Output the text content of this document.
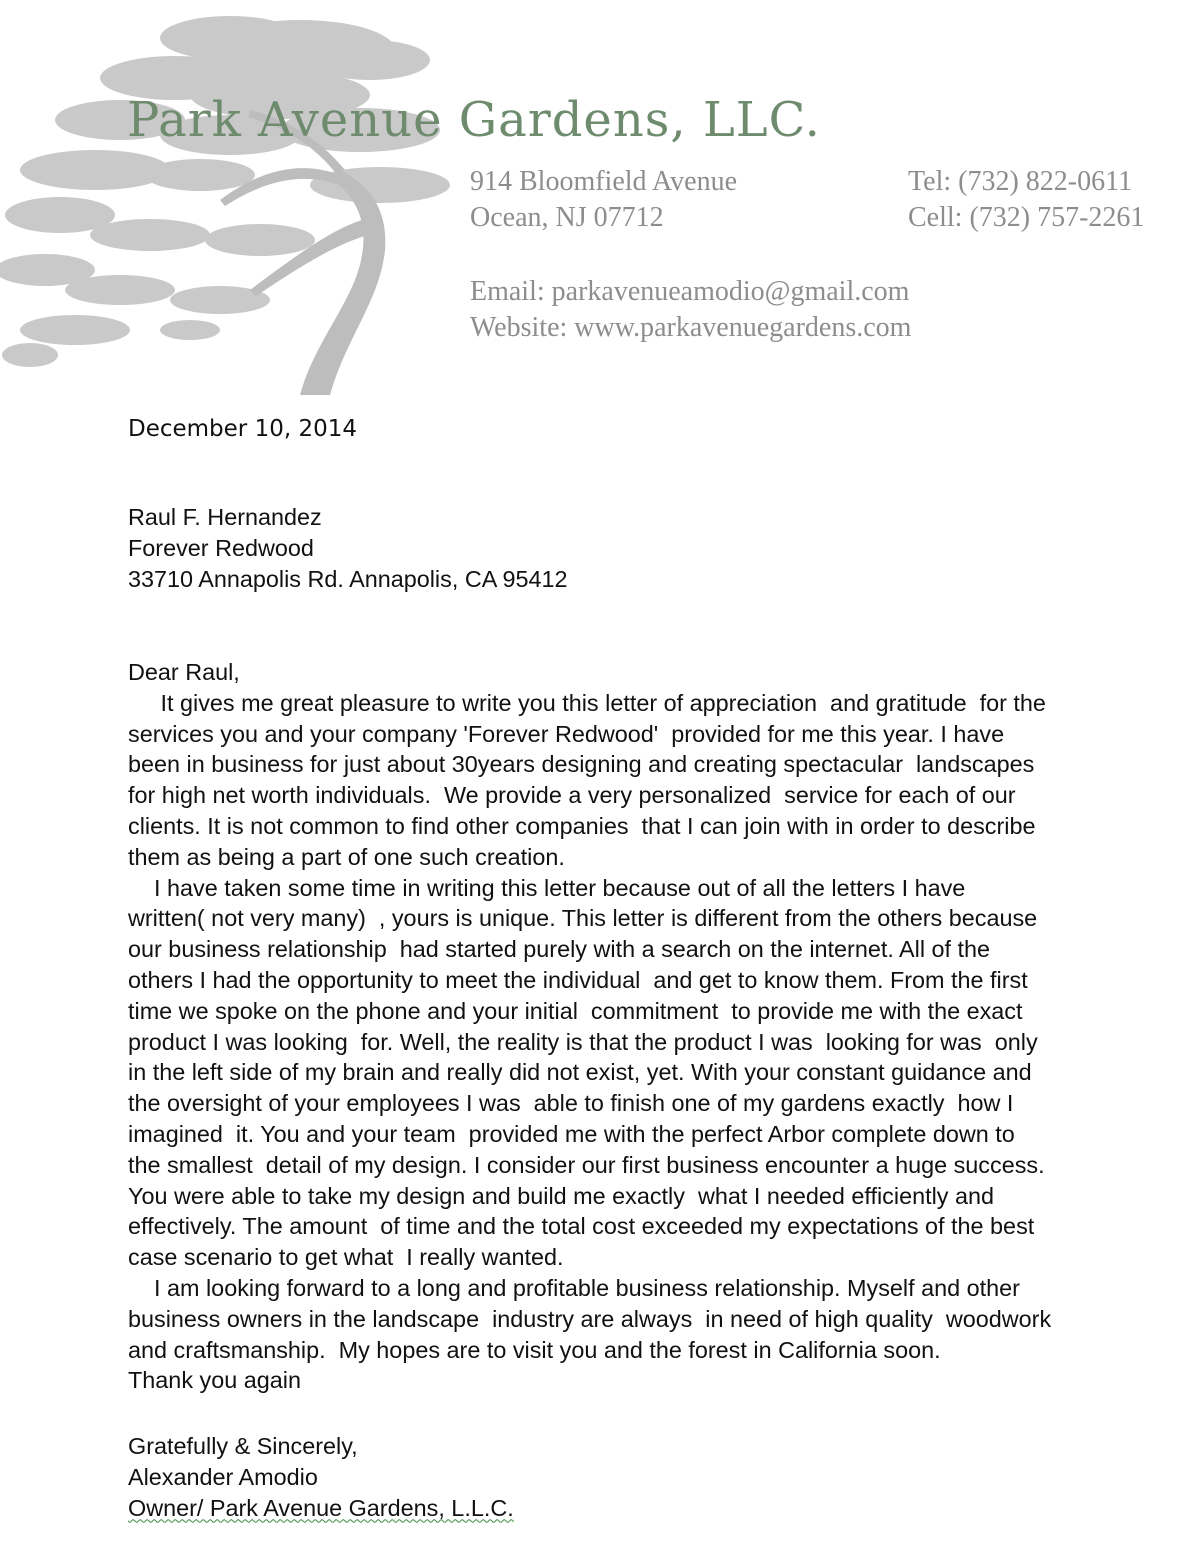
Park Avenue Gardens, LLC.
914 Bloomfield Avenue
Ocean, NJ 07712
Tel: (732) 822-0611
Cell: (732) 757-2261
Email: parkavenueamodio@gmail.com
Website: www.parkavenuegardens.com
December 10, 2014
Raul F. Hernandez
Forever Redwood
33710 Annapolis Rd. Annapolis, CA 95412
Dear Raul,
It gives me great pleasure to write you this letter of appreciation  and gratitude  for the
services you and your company 'Forever Redwood'  provided for me this year. I have
been in business for just about 30years designing and creating spectacular  landscapes
for high net worth individuals.  We provide a very personalized  service for each of our
clients. It is not common to find other companies  that I can join with in order to describe
them as being a part of one such creation.
I have taken some time in writing this letter because out of all the letters I have
written( not very many)  , yours is unique. This letter is different from the others because
our business relationship  had started purely with a search on the internet. All of the
others I had the opportunity to meet the individual  and get to know them. From the first
time we spoke on the phone and your initial  commitment  to provide me with the exact
product I was looking  for. Well, the reality is that the product I was  looking for was  only
in the left side of my brain and really did not exist, yet. With your constant guidance and
the oversight of your employees I was  able to finish one of my gardens exactly  how I
imagined  it. You and your team  provided me with the perfect Arbor complete down to
the smallest  detail of my design. I consider our first business encounter a huge success.
You were able to take my design and build me exactly  what I needed efficiently and
effectively. The amount  of time and the total cost exceeded my expectations of the best
case scenario to get what  I really wanted.
I am looking forward to a long and profitable business relationship. Myself and other
business owners in the landscape  industry are always  in need of high quality  woodwork
and craftsmanship.  My hopes are to visit you and the forest in California soon.
Thank you again
Gratefully & Sincerely,
Alexander Amodio
Owner/ Park Avenue Gardens, L.L.C.
